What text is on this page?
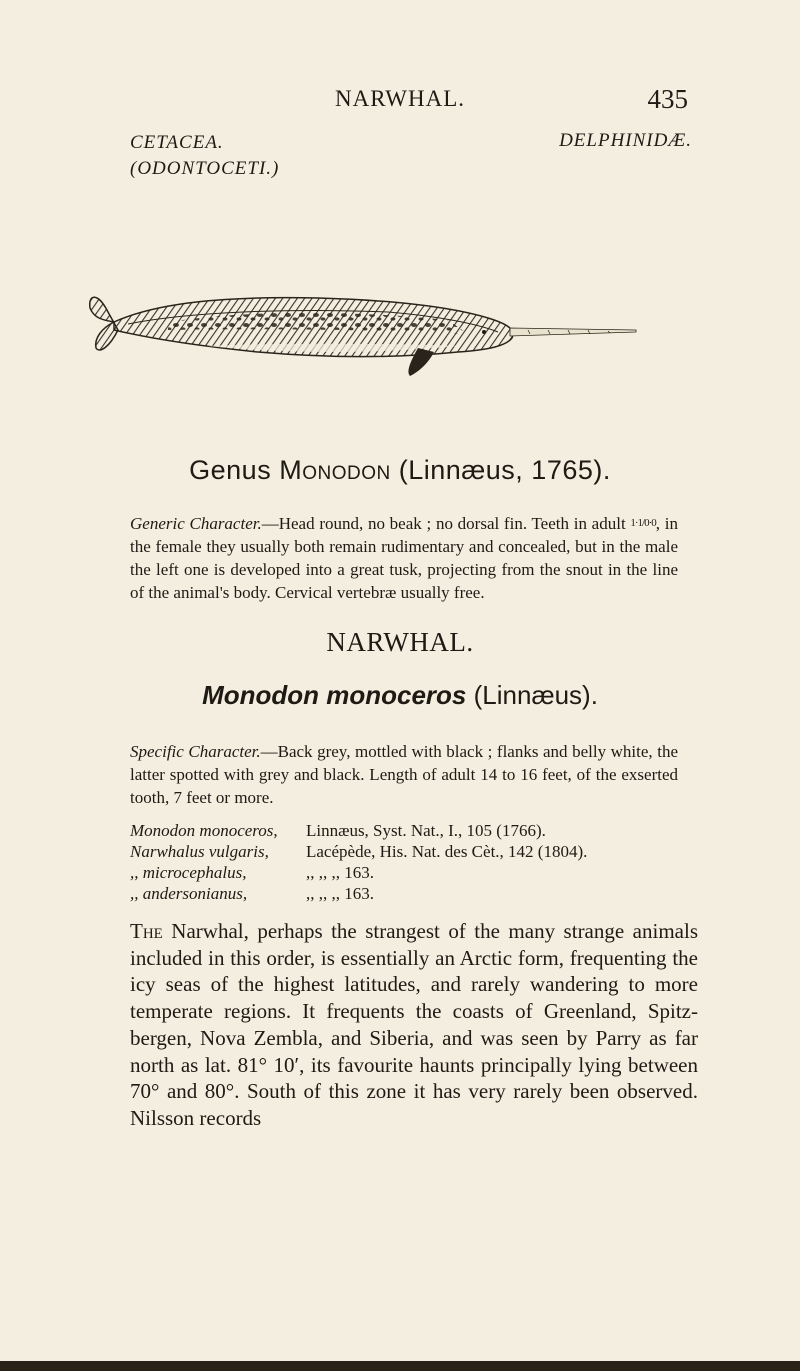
NARWHAL.	435
CETACEA.
(ODONTOCETI.)
DELPHINIDÆ.
Genus Monodon (Linnæus, 1765).
Generic Character.—Head round, no beak ; no dorsal fin. Teeth in adult 1·1/0·0, in the female they usually both remain rudimentary and concealed, but in the male the left one is developed into a great tusk, projecting from the snout in the line of the animal's body. Cervical vertebræ usually free.
NARWHAL.
Monodon monoceros (Linnæus).
Specific Character.—Back grey, mottled with black ; flanks and belly white, the latter spotted with grey and black. Length of adult 14 to 16 feet, of the exserted tooth, 7 feet or more.
Monodon monoceros, Linnæus, Syst. Nat., I., 105 (1766).
Narwhalus vulgaris, Lacépède, His. Nat. des Cèt., 142 (1804).
,, microcephalus,	,, ,, ,, 163.
,, andersonianus,	,, ,, ,, 163.
The Narwhal, perhaps the strangest of the many strange animals included in this order, is essentially an Arctic form, frequenting the icy seas of the highest latitudes, and rarely wandering to more temperate regions. It frequents the coasts of Greenland, Spitz-bergen, Nova Zembla, and Siberia, and was seen by Parry as far north as lat. 81° 10′, its favourite haunts principally lying between 70° and 80°. South of this zone it has very rarely been observed. Nilsson records
